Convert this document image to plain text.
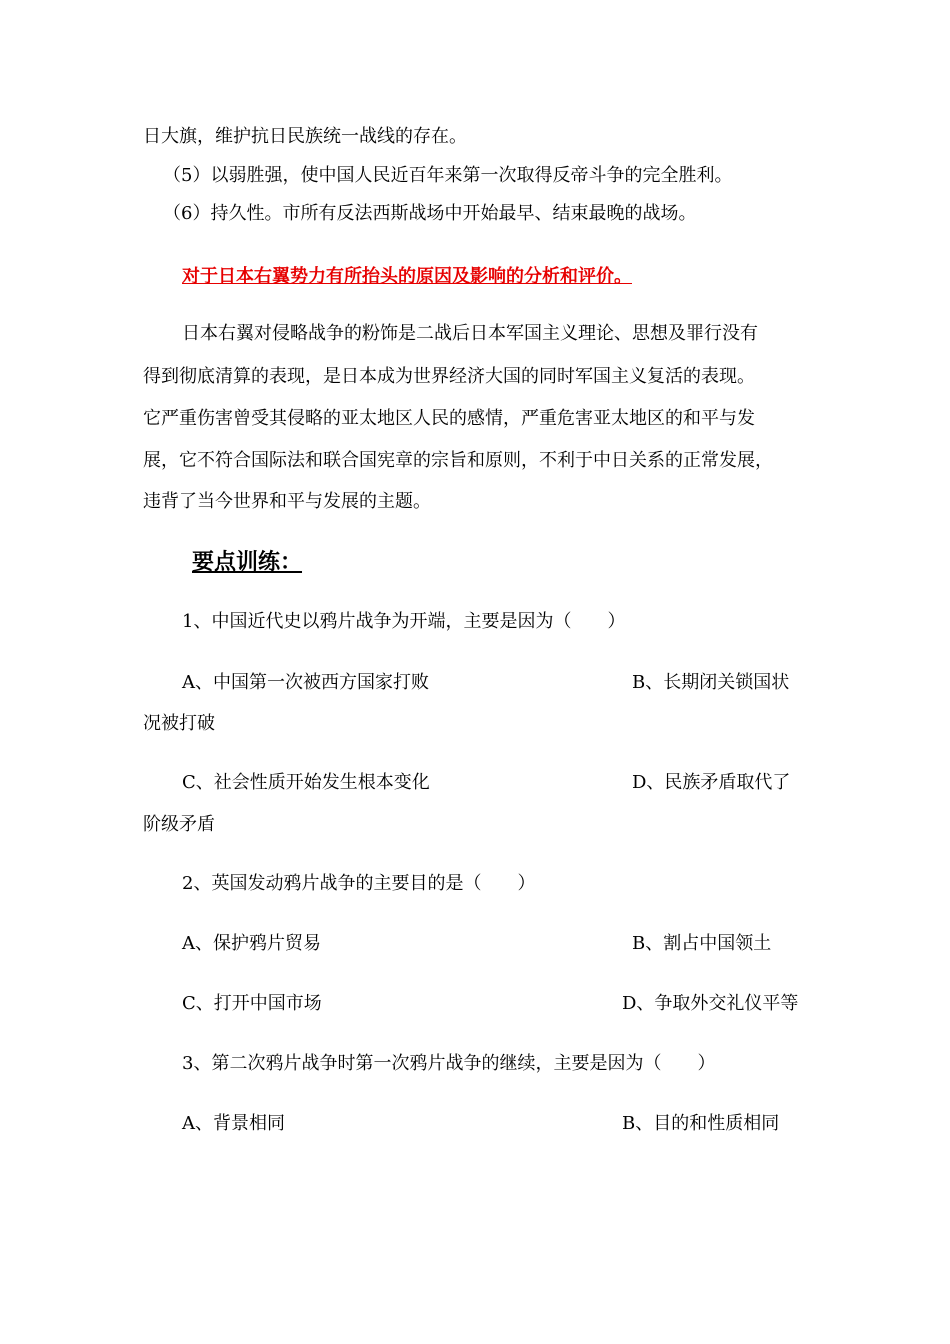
日大旗，维护抗日民族统一战线的存在。
（5）以弱胜强，使中国人民近百年来第一次取得反帝斗争的完全胜利。
（6）持久性。市所有反法西斯战场中开始最早、结束最晚的战场。
对于日本右翼势力有所抬头的原因及影响的分析和评价。
日本右翼对侵略战争的粉饰是二战后日本军国主义理论、思想及罪行没有
得到彻底清算的表现，是日本成为世界经济大国的同时军国主义复活的表现。
它严重伤害曾受其侵略的亚太地区人民的感情，严重危害亚太地区的和平与发
展，它不符合国际法和联合国宪章的宗旨和原则，不利于中日关系的正常发展，
违背了当今世界和平与发展的主题。
要点训练：
1、中国近代史以鸦片战争为开端，主要是因为（　　）
A、中国第一次被西方国家打败	B、长期闭关锁国状
况被打破
C、社会性质开始发生根本变化	D、民族矛盾取代了
阶级矛盾
2、英国发动鸦片战争的主要目的是（　　）
A、保护鸦片贸易	B、割占中国领土
C、打开中国市场	D、争取外交礼仪平等
3、第二次鸦片战争时第一次鸦片战争的继续，主要是因为（　　）
A、背景相同	B、目的和性质相同
